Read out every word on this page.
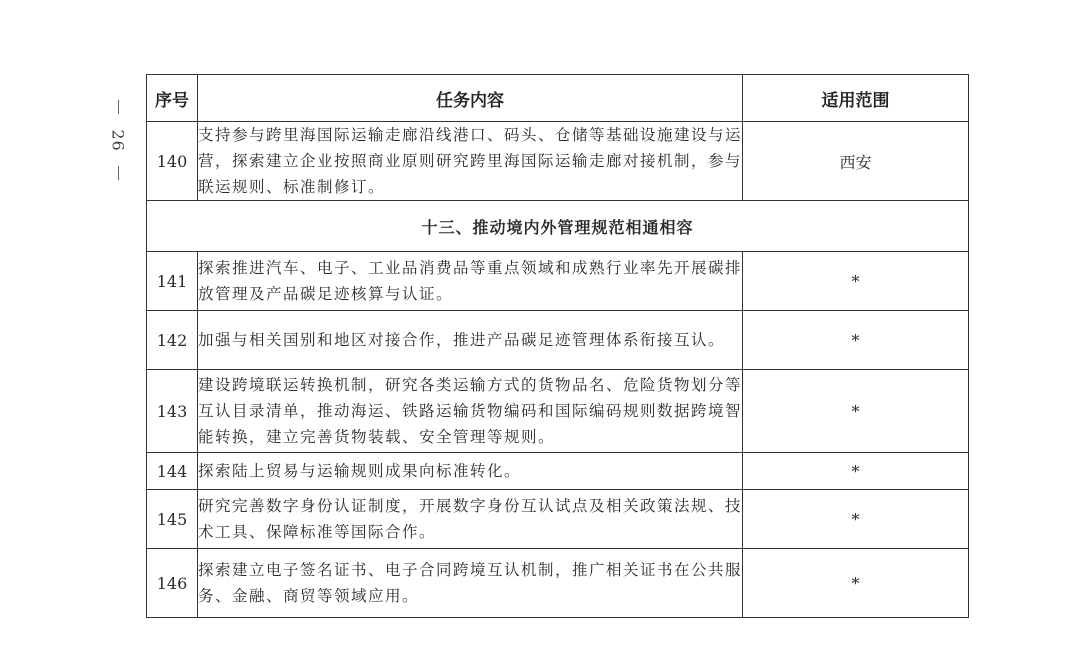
26
序号	任务内容	适用范围
140	支持参与跨里海国际运输走廊沿线港口、码头、仓储等基础设施建设与运营，探索建立企业按照商业原则研究跨里海国际运输走廊对接机制，参与联运规则、标准制修订。	西安
十三、推动境内外管理规范相通相容		
141	探索推进汽车、电子、工业品消费品等重点领域和成熟行业率先开展碳排放管理及产品碳足迹核算与认证。	*
142	加强与相关国别和地区对接合作，推进产品碳足迹管理体系衔接互认。	*
143	建设跨境联运转换机制，研究各类运输方式的货物品名、危险货物划分等互认目录清单，推动海运、铁路运输货物编码和国际编码规则数据跨境智能转换，建立完善货物装载、安全管理等规则。	*
144	探索陆上贸易与运输规则成果向标准转化。	*
145	研究完善数字身份认证制度，开展数字身份互认试点及相关政策法规、技术工具、保障标准等国际合作。	*
146	探索建立电子签名证书、电子合同跨境互认机制，推广相关证书在公共服务、金融、商贸等领域应用。	*
